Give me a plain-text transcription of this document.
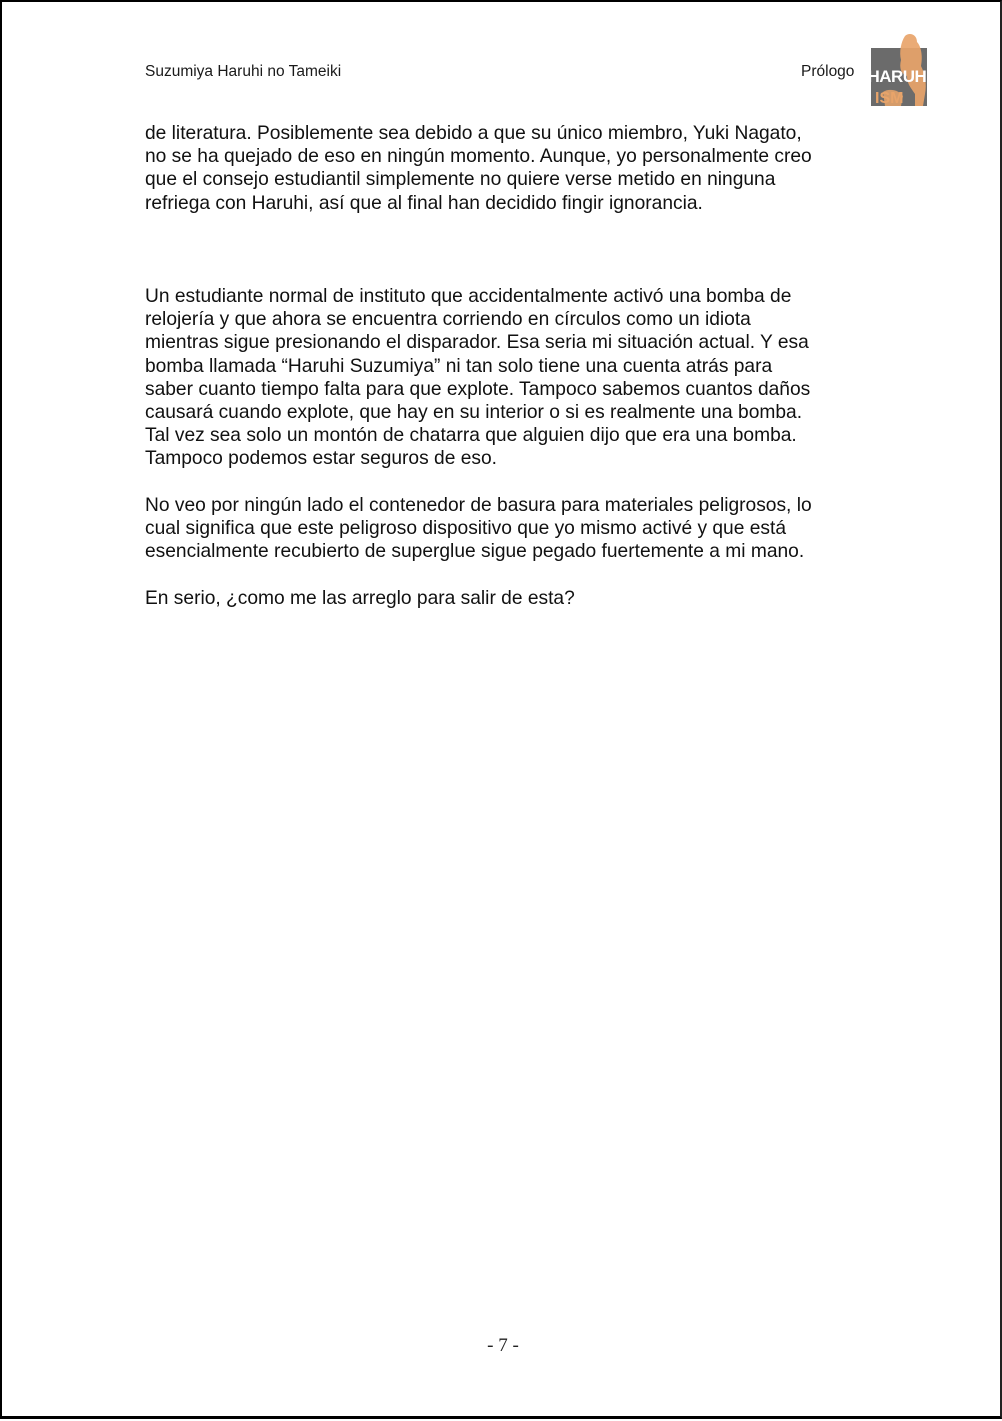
Suzumiya Haruhi no Tameiki	Prólogo HARUHI
ISM

de literatura. Posiblemente sea debido a que su único miembro, Yuki Nagato,

no se ha quejado de eso en ningún momento. Aunque, yo personalmente creo

que el consejo estudiantil simplemente no quiere verse metido en ninguna

refriega con Haruhi, así que al final han decidido fingir ignorancia.

Un estudiante normal de instituto que accidentalmente activó una bomba de

relojería y que ahora se encuentra corriendo en círculos como un idiota

mientras sigue presionando el disparador. Esa seria mi situación actual. Y esa

bomba llamada “Haruhi Suzumiya” ni tan solo tiene una cuenta atrás para

saber cuanto tiempo falta para que explote. Tampoco sabemos cuantos daños

causará cuando explote, que hay en su interior o si es realmente una bomba.

Tal vez sea solo un montón de chatarra que alguien dijo que era una bomba.

Tampoco podemos estar seguros de eso.

No veo por ningún lado el contenedor de basura para materiales peligrosos, lo

cual significa que este peligroso dispositivo que yo mismo activé y que está

esencialmente recubierto de superglue sigue pegado fuertemente a mi mano.

En serio, ¿como me las arreglo para salir de esta?

- 7 -
